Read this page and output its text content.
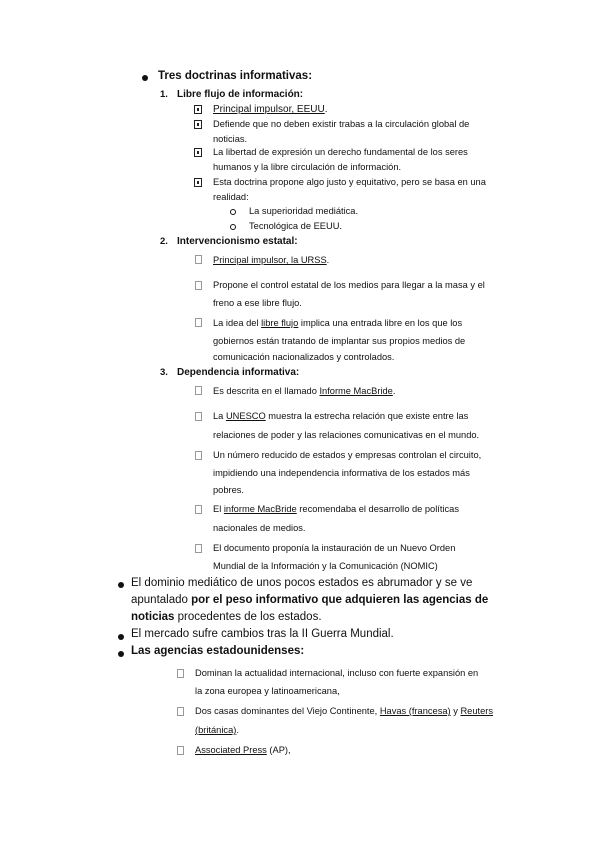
Tres doctrinas informativas:
1. Libre flujo de información:
Principal impulsor, EEUU.
Defiende que no deben existir trabas a la circulación global de
noticias.
La libertad de expresión un derecho fundamental de los seres
humanos y la libre circulación de información.
Esta doctrina propone algo justo y equitativo, pero se basa en una
realidad:
La superioridad mediática.
Tecnológica de EEUU.
2. Intervencionismo estatal:
Principal impulsor, la URSS.
Propone el control estatal de los medios para llegar a la masa y el
freno a ese libre flujo.
La idea del libre flujo implica una entrada libre en los que los
gobiernos están tratando de implantar sus propios medios de
comunicación nacionalizados y controlados.
3. Dependencia informativa:
Es descrita en el llamado Informe MacBride.
La UNESCO muestra la estrecha relación que existe entre las
relaciones de poder y las relaciones comunicativas en el mundo.
Un número reducido de estados y empresas controlan el circuito,
impidiendo una independencia informativa de los estados más
pobres.
El informe MacBride recomendaba el desarrollo de políticas
nacionales de medios.
El documento proponía la instauración de un Nuevo Orden
Mundial de la Información y la Comunicación (NOMIC)
El dominio mediático de unos pocos estados es abrumador y se ve
apuntalado por el peso informativo que adquieren las agencias de
noticias procedentes de los estados.
El mercado sufre cambios tras la II Guerra Mundial.
Las agencias estadounidenses:
Dominan la actualidad internacional, incluso con fuerte expansión en
la zona europea y latinoamericana,
Dos casas dominantes del Viejo Continente, Havas (francesa) y Reuters
(británica).
Associated Press (AP),
